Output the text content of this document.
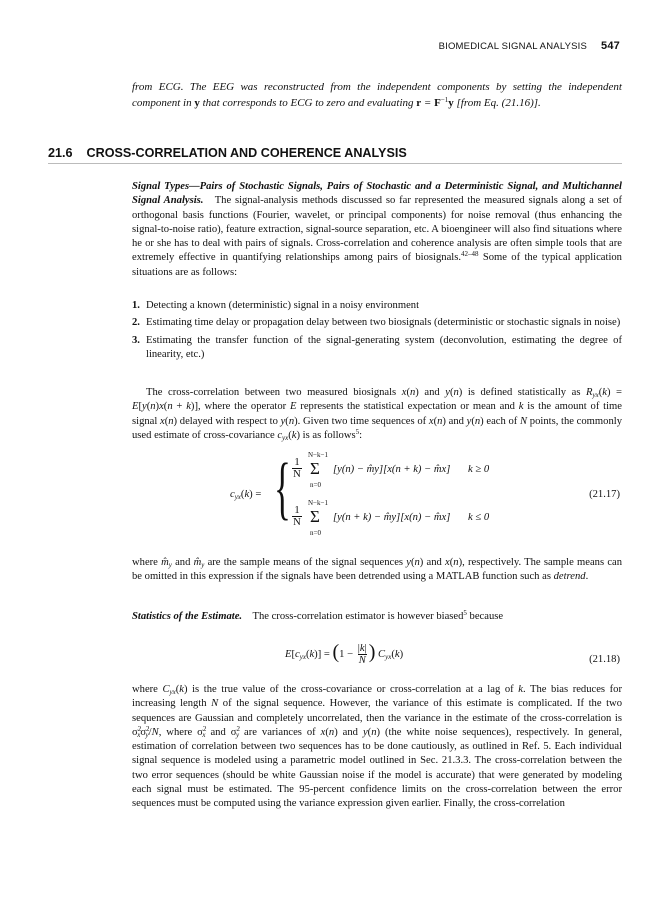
BIOMEDICAL SIGNAL ANALYSIS 547
from ECG. The EEG was reconstructed from the independent components by setting the independent component in y that corresponds to ECG to zero and evaluating $r = F^{-1}y$ [from Eq. (21.16)].
21.6 CROSS-CORRELATION AND COHERENCE ANALYSIS
Signal Types—Pairs of Stochastic Signals, Pairs of Stochastic and a Deterministic Signal, and Multichannel Signal Analysis. The signal-analysis methods discussed so far represented the measured signals along a set of orthogonal basis functions (Fourier, wavelet, or principal components) for noise removal (thus enhancing the signal-to-noise ratio), feature extraction, signal-source separation, etc. A bioengineer will also find situations where he or she has to deal with pairs of signals. Cross-correlation and coherence analysis are often simple tools that are extremely effective in quantifying relationships among pairs of biosignals.$^{42-48}$ Some of the typical application situations are as follows:
1. Detecting a known (deterministic) signal in a noisy environment
2. Estimating time delay or propagation delay between two biosignals (deterministic or stochastic signals in noise)
3. Estimating the transfer function of the signal-generating system (deconvolution, estimating the degree of linearity, etc.)
The cross-correlation between two measured biosignals x(n) and y(n) is defined statistically as $R_{yx}(k) = E[y(n)x(n + k)]$, where the operator E represents the statistical expectation or mean and k is the amount of time signal x(n) delayed with respect to y(n). Given two time sequences of x(n) and y(n) each of N points, the commonly used estimate of cross-covariance $c_{yx}(k)$ is as follows$^5$:
$c_{yx}(k)$ = { $\frac{1}{N}$
N−k−1
Σ
n=0
[y(n) − m̂y][x(n + k) − m̂x] k ≥ 0
$\frac{1}{N}$
N−k−1
Σ
n=0
[y(n + k) − m̂y][x(n) − m̂x] k ≤ 0
(21.17)
where $m̂_y$ and $m̂_y$ are the sample means of the signal sequences y(n) and x(n), respectively. The sample means can be omitted in this expression if the signals have been detrended using a MATLAB function such as detrend.
Statistics of the Estimate. The cross-correlation estimator is however biased$^5$ because
$E[c_{yx}(k)] = (1 - \frac{|k|}{N}$ ) $C_{yx}(k)$	(21.18)
where $C_{yx}(k)$ is the true value of the cross-covariance or cross-correlation at a lag of k. The bias reduces for increasing length N of the signal sequence. However, the variance of this estimate is complicated. If the two sequences are Gaussian and completely uncorrelated, then the variance in the estimate of the cross-correlation is $\sigma^2_x\sigma^2_y/N$, where $\sigma^2_x$ and $\sigma^2_y$ are variances of x(n) and y(n) (the white noise sequences), respectively. In general, estimation of correlation between two sequences has to be done cautiously, as outlined in Ref. 5. Each individual signal sequence is modeled using a parametric model outlined in Sec. 21.3.3. The cross-correlation between the two error sequences (should be white Gaussian noise if the model is accurate) that were generated by modeling each signal must be estimated. The 95-percent confidence limits on the cross-correlation between the error sequences must be computed using the variance expression given earlier. Finally, the cross-correlation
